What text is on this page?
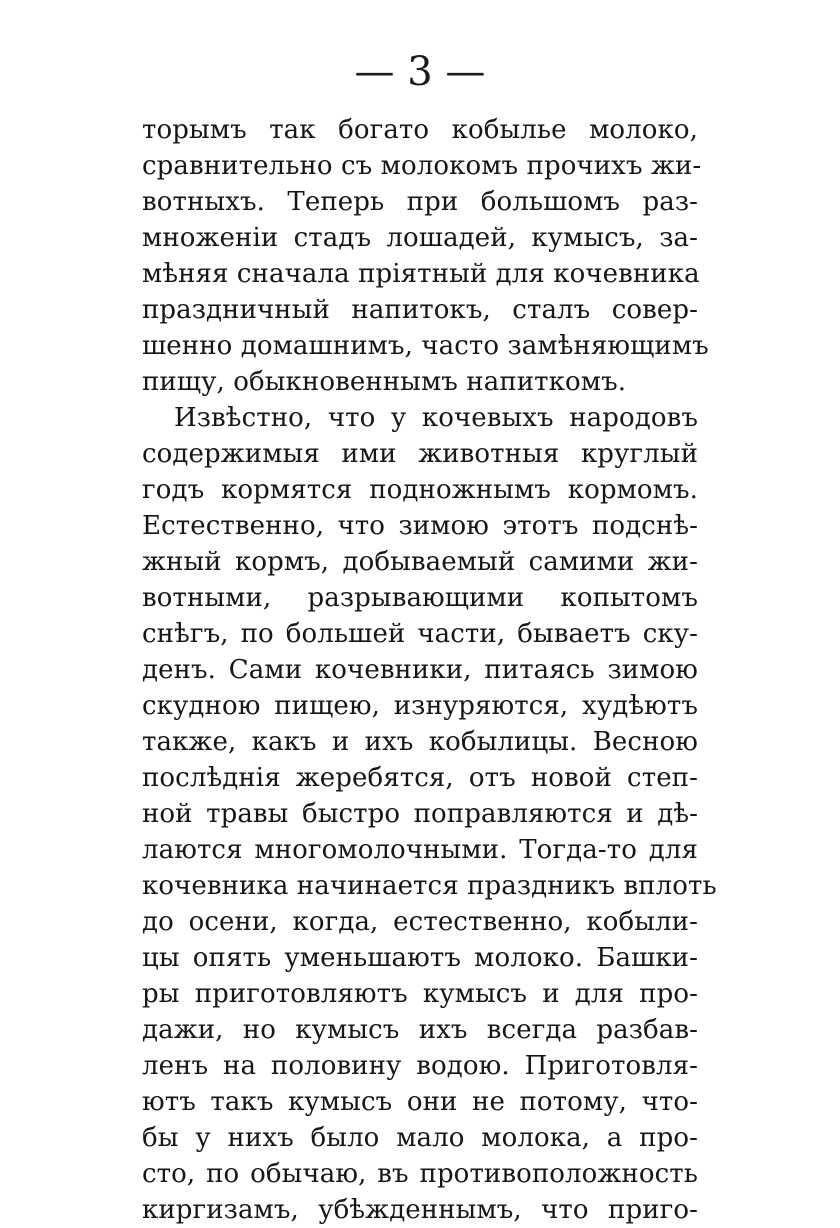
— 3 —
торымъ так богато кобылье молоко,
сравнительно съ молокомъ прочихъ жи-
вотныхъ. Теперь при большомъ раз-
множенiи стадъ лошадей, кумысъ, за-
мѣняя сначала прiятный для кочевника
праздничный напитокъ, сталъ совер-
шенно домашнимъ, часто замѣняющимъ
пищу, обыкновеннымъ напиткомъ.
Извѣстно, что у кочевыхъ народовъ
содержимыя ими животныя круглый
годъ кормятся подножнымъ кормомъ.
Естественно, что зимою этотъ подснѣ-
жный кормъ, добываемый самими жи-
вотными, разрывающими копытомъ
снѣгъ, по большей части, бываетъ ску-
денъ. Сами кочевники, питаясь зимою
скудною пищею, изнуряются, худѣютъ
также, какъ и ихъ кобылицы. Весною
послѣднiя жеребятся, отъ новой степ-
ной травы быстро поправляются и дѣ-
лаются многомолочными. Тогда-то для
кочевника начинается праздникъ вплоть
до осени, когда, естественно, кобыли-
цы опять уменьшаютъ молоко. Башки-
ры приготовляютъ кумысъ и для про-
дажи, но кумысъ ихъ всегда разбав-
ленъ на половину водою. Приготовля-
ютъ такъ кумысъ они не потому, что-
бы у нихъ было мало молока, а про-
сто, по обычаю, въ противоположность
киргизамъ, убѣжденнымъ, что приго-
